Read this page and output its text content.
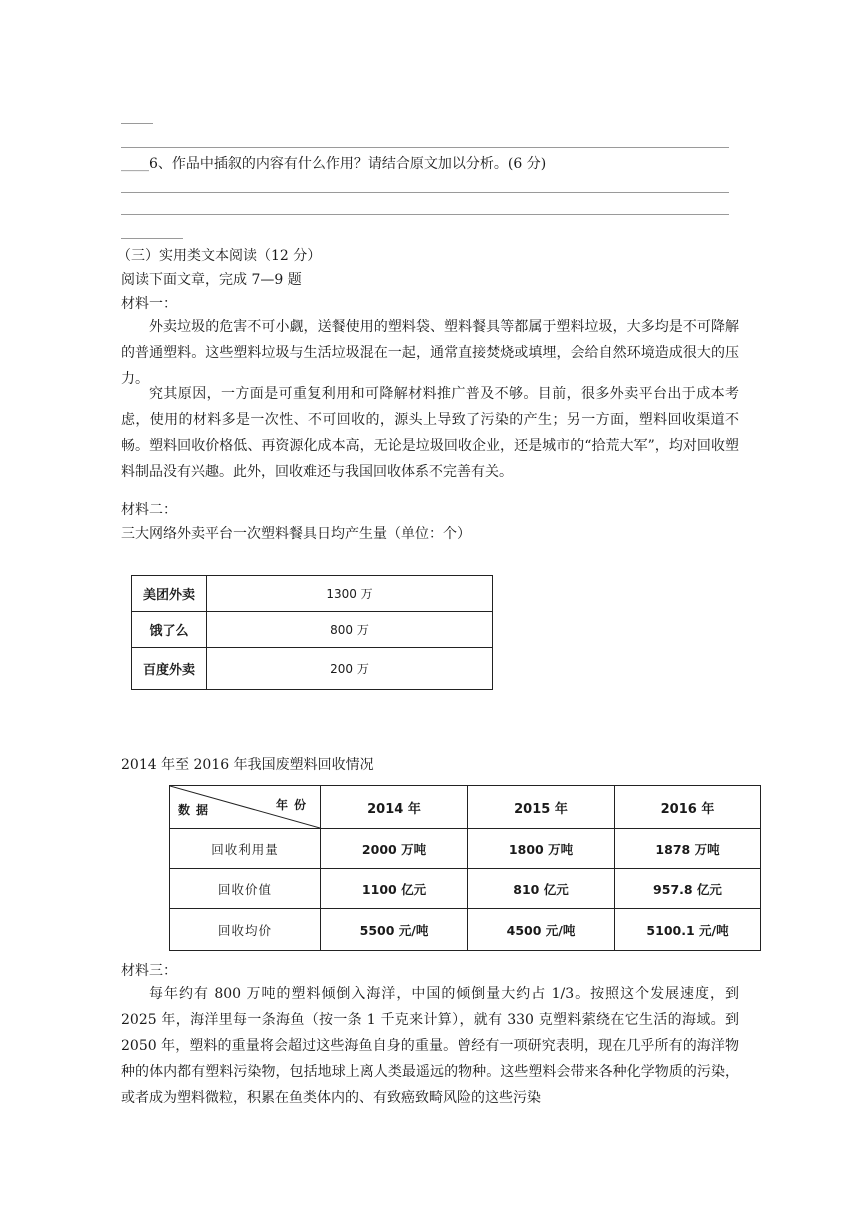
____6、作品中插叙的内容有什么作用？请结合原文加以分析。(6 分)
（三）实用类文本阅读（12 分）
阅读下面文章，完成 7—9 题
材料一：
外卖垃圾的危害不可小觑，送餐使用的塑料袋、塑料餐具等都属于塑料垃圾，大多均是不可降解的普通塑料。这些塑料垃圾与生活垃圾混在一起，通常直接焚烧或填埋，会给自然环境造成很大的压力。
究其原因，一方面是可重复利用和可降解材料推广普及不够。目前，很多外卖平台出于成本考虑，使用的材料多是一次性、不可回收的，源头上导致了污染的产生；另一方面，塑料回收渠道不畅。塑料回收价格低、再资源化成本高，无论是垃圾回收企业，还是城市的“拾荒大军”，均对回收塑料制品没有兴趣。此外，回收难还与我国回收体系不完善有关。
材料二：
三大网络外卖平台一次塑料餐具日均产生量（单位：个）
美团外卖	1300 万
饿了么	800 万
百度外卖	200 万
2014 年至 2016 年我国废塑料回收情况
数据 年份	2014 年	2015 年	2016 年
回收利用量	2000 万吨	1800 万吨	1878 万吨
回收价值	1100 亿元	810 亿元	957.8 亿元
回收均价	5500 元/吨	4500 元/吨	5100.1 元/吨
材料三：
每年约有 800 万吨的塑料倾倒入海洋，中国的倾倒量大约占 1/3。按照这个发展速度，到 2025 年，海洋里每一条海鱼（按一条 1 千克来计算），就有 330 克塑料萦绕在它生活的海域。到 2050 年，塑料的重量将会超过这些海鱼自身的重量。曾经有一项研究表明，现在几乎所有的海洋物种的体内都有塑料污染物，包括地球上离人类最遥远的物种。这些塑料会带来各种化学物质的污染，或者成为塑料微粒，积累在鱼类体内的、有致癌致畸风险的这些污染
